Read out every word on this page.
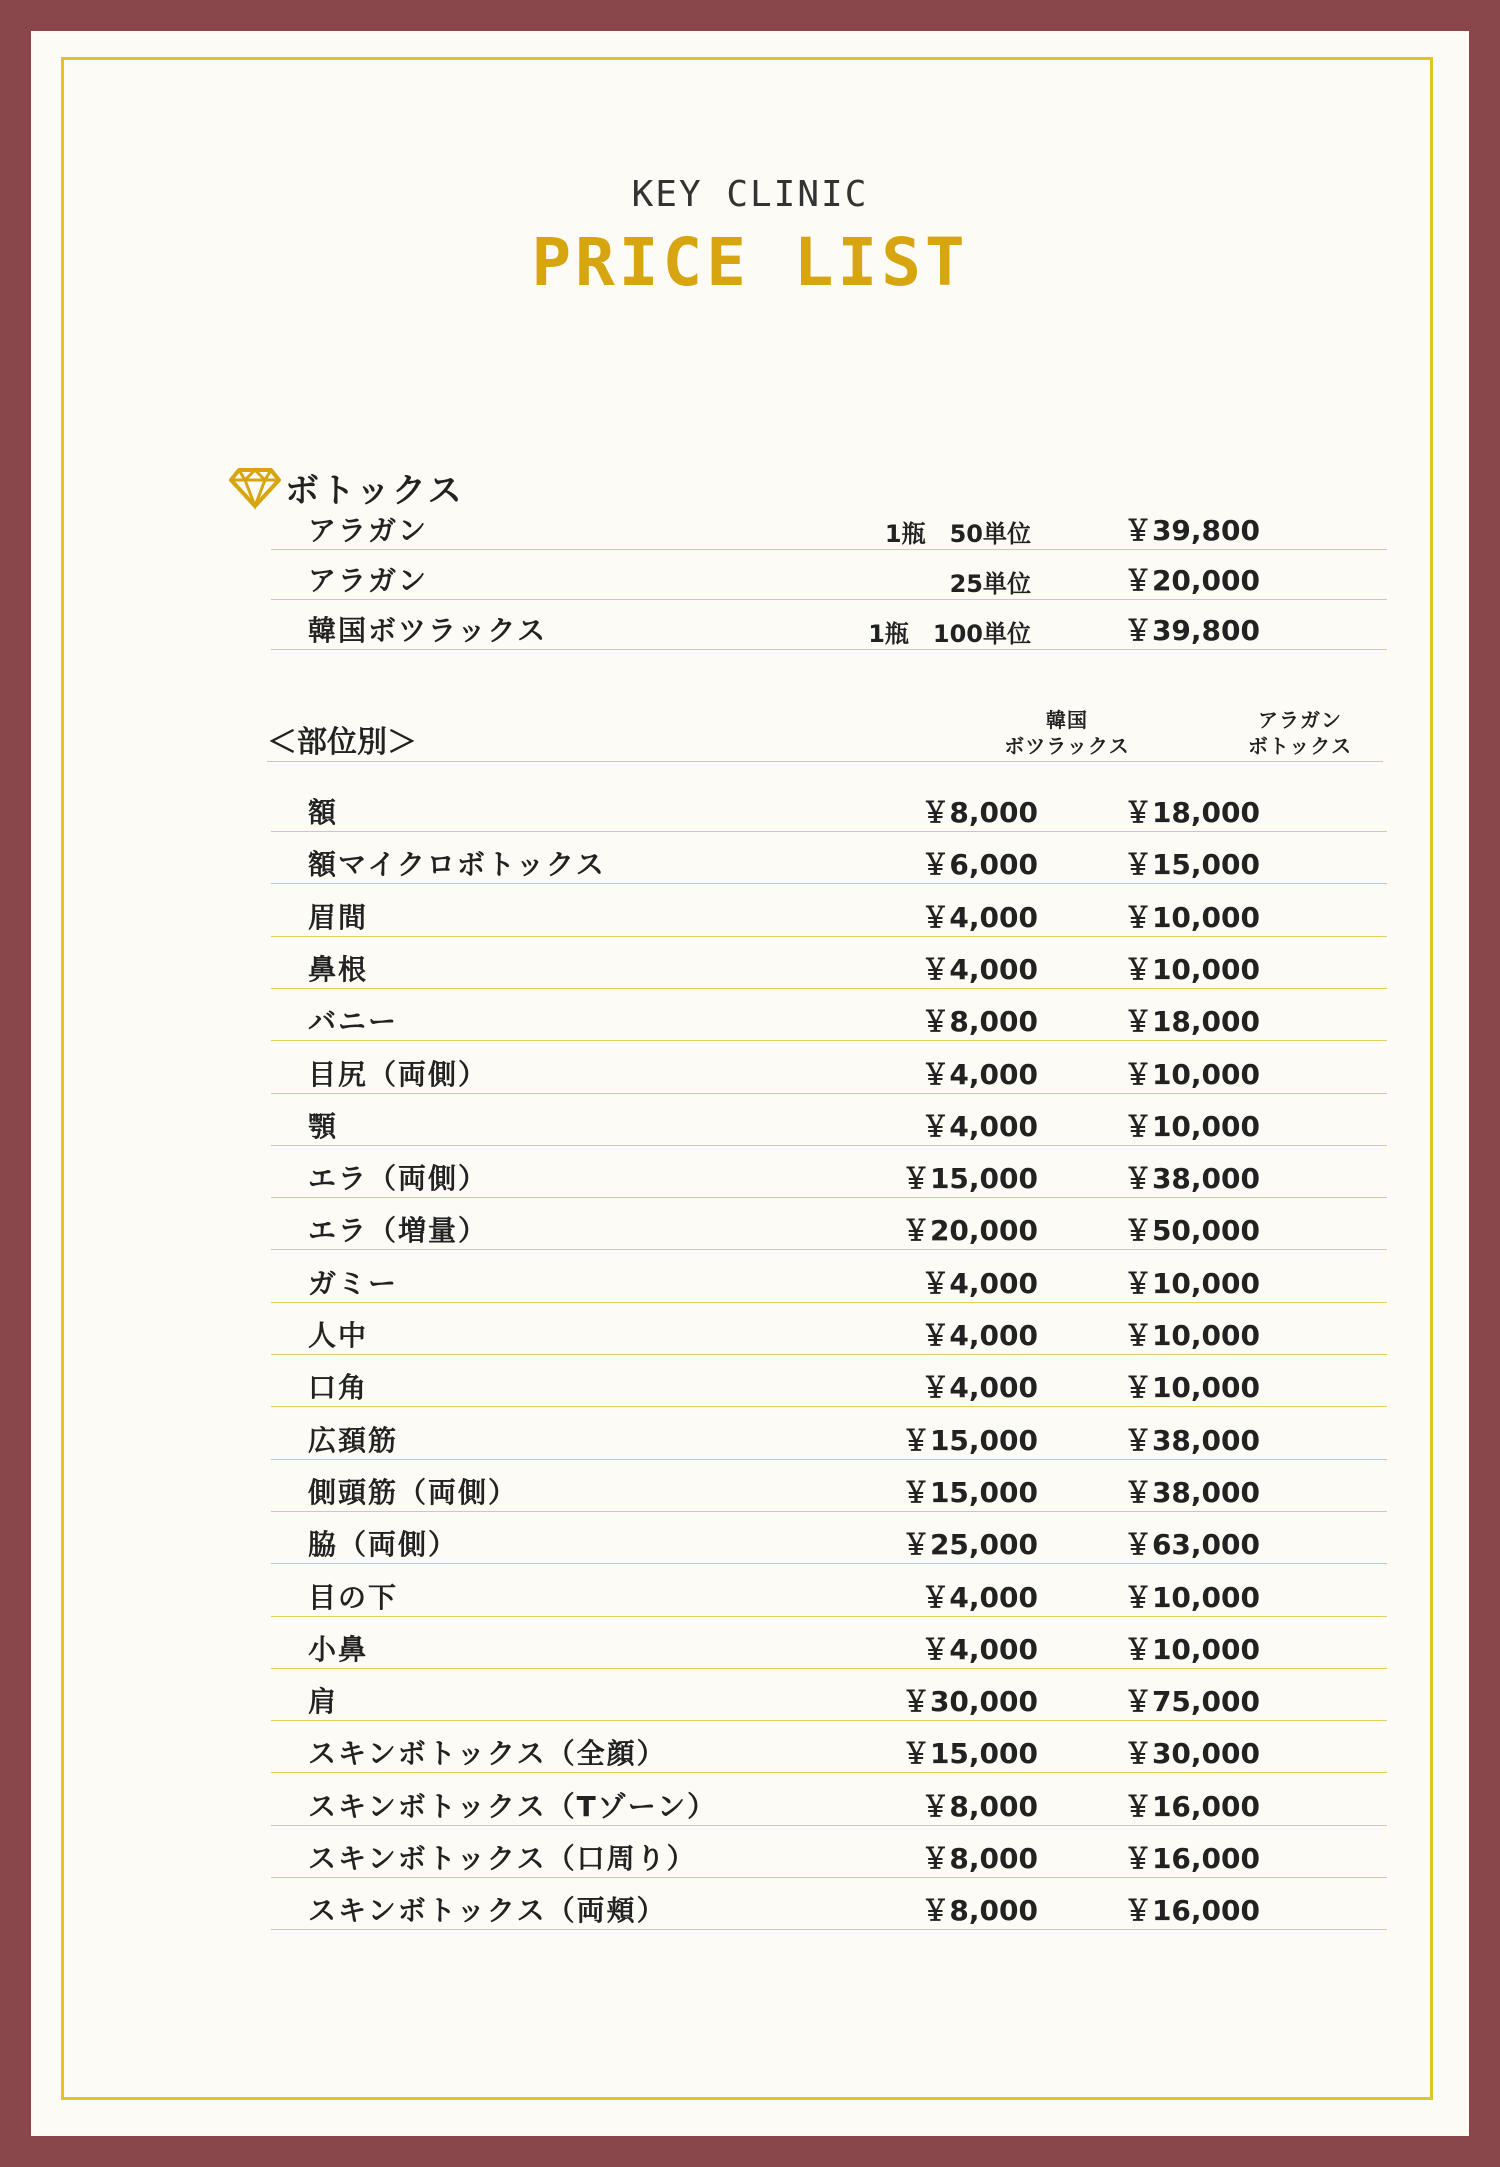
KEY CLINIC
PRICE LIST
ボトックス
アラガン	1瓶　50単位	￥39,800
アラガン	25単位	￥20,000
韓国ボツラックス	1瓶　100単位	￥39,800
＜部位別＞
韓国
ボツラックス
アラガン
ボトックス
額	￥8,000	￥18,000
額マイクロボトックス	￥6,000	￥15,000
眉間	￥4,000	￥10,000
鼻根	￥4,000	￥10,000
バニー	￥8,000	￥18,000
目尻（両側）	￥4,000	￥10,000
顎	￥4,000	￥10,000
エラ（両側）	￥15,000	￥38,000
エラ（増量）	￥20,000	￥50,000
ガミー	￥4,000	￥10,000
人中	￥4,000	￥10,000
口角	￥4,000	￥10,000
広頚筋	￥15,000	￥38,000
側頭筋（両側）	￥15,000	￥38,000
脇（両側）	￥25,000	￥63,000
目の下	￥4,000	￥10,000
小鼻	￥4,000	￥10,000
肩	￥30,000	￥75,000
スキンボトックス（全顔）	￥15,000	￥30,000
スキンボトックス（Tゾーン）	￥8,000	￥16,000
スキンボトックス（口周り）	￥8,000	￥16,000
スキンボトックス（両頬）	￥8,000	￥16,000
